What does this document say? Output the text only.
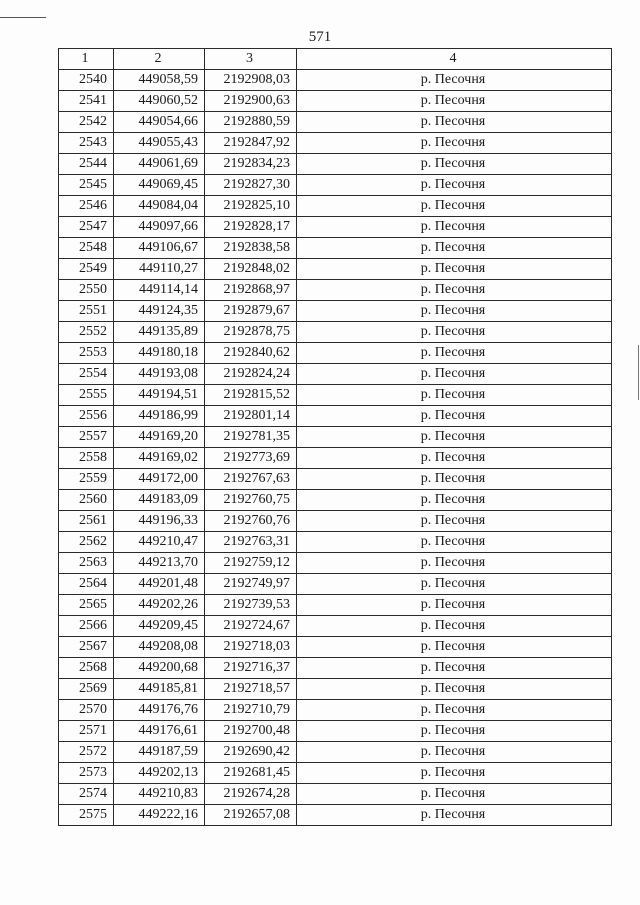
571
1	2	3	4
2540	449058,59	2192908,03	р. Песочня
2541	449060,52	2192900,63	р. Песочня
2542	449054,66	2192880,59	р. Песочня
2543	449055,43	2192847,92	р. Песочня
2544	449061,69	2192834,23	р. Песочня
2545	449069,45	2192827,30	р. Песочня
2546	449084,04	2192825,10	р. Песочня
2547	449097,66	2192828,17	р. Песочня
2548	449106,67	2192838,58	р. Песочня
2549	449110,27	2192848,02	р. Песочня
2550	449114,14	2192868,97	р. Песочня
2551	449124,35	2192879,67	р. Песочня
2552	449135,89	2192878,75	р. Песочня
2553	449180,18	2192840,62	р. Песочня
2554	449193,08	2192824,24	р. Песочня
2555	449194,51	2192815,52	р. Песочня
2556	449186,99	2192801,14	р. Песочня
2557	449169,20	2192781,35	р. Песочня
2558	449169,02	2192773,69	р. Песочня
2559	449172,00	2192767,63	р. Песочня
2560	449183,09	2192760,75	р. Песочня
2561	449196,33	2192760,76	р. Песочня
2562	449210,47	2192763,31	р. Песочня
2563	449213,70	2192759,12	р. Песочня
2564	449201,48	2192749,97	р. Песочня
2565	449202,26	2192739,53	р. Песочня
2566	449209,45	2192724,67	р. Песочня
2567	449208,08	2192718,03	р. Песочня
2568	449200,68	2192716,37	р. Песочня
2569	449185,81	2192718,57	р. Песочня
2570	449176,76	2192710,79	р. Песочня
2571	449176,61	2192700,48	р. Песочня
2572	449187,59	2192690,42	р. Песочня
2573	449202,13	2192681,45	р. Песочня
2574	449210,83	2192674,28	р. Песочня
2575	449222,16	2192657,08	р. Песочня
